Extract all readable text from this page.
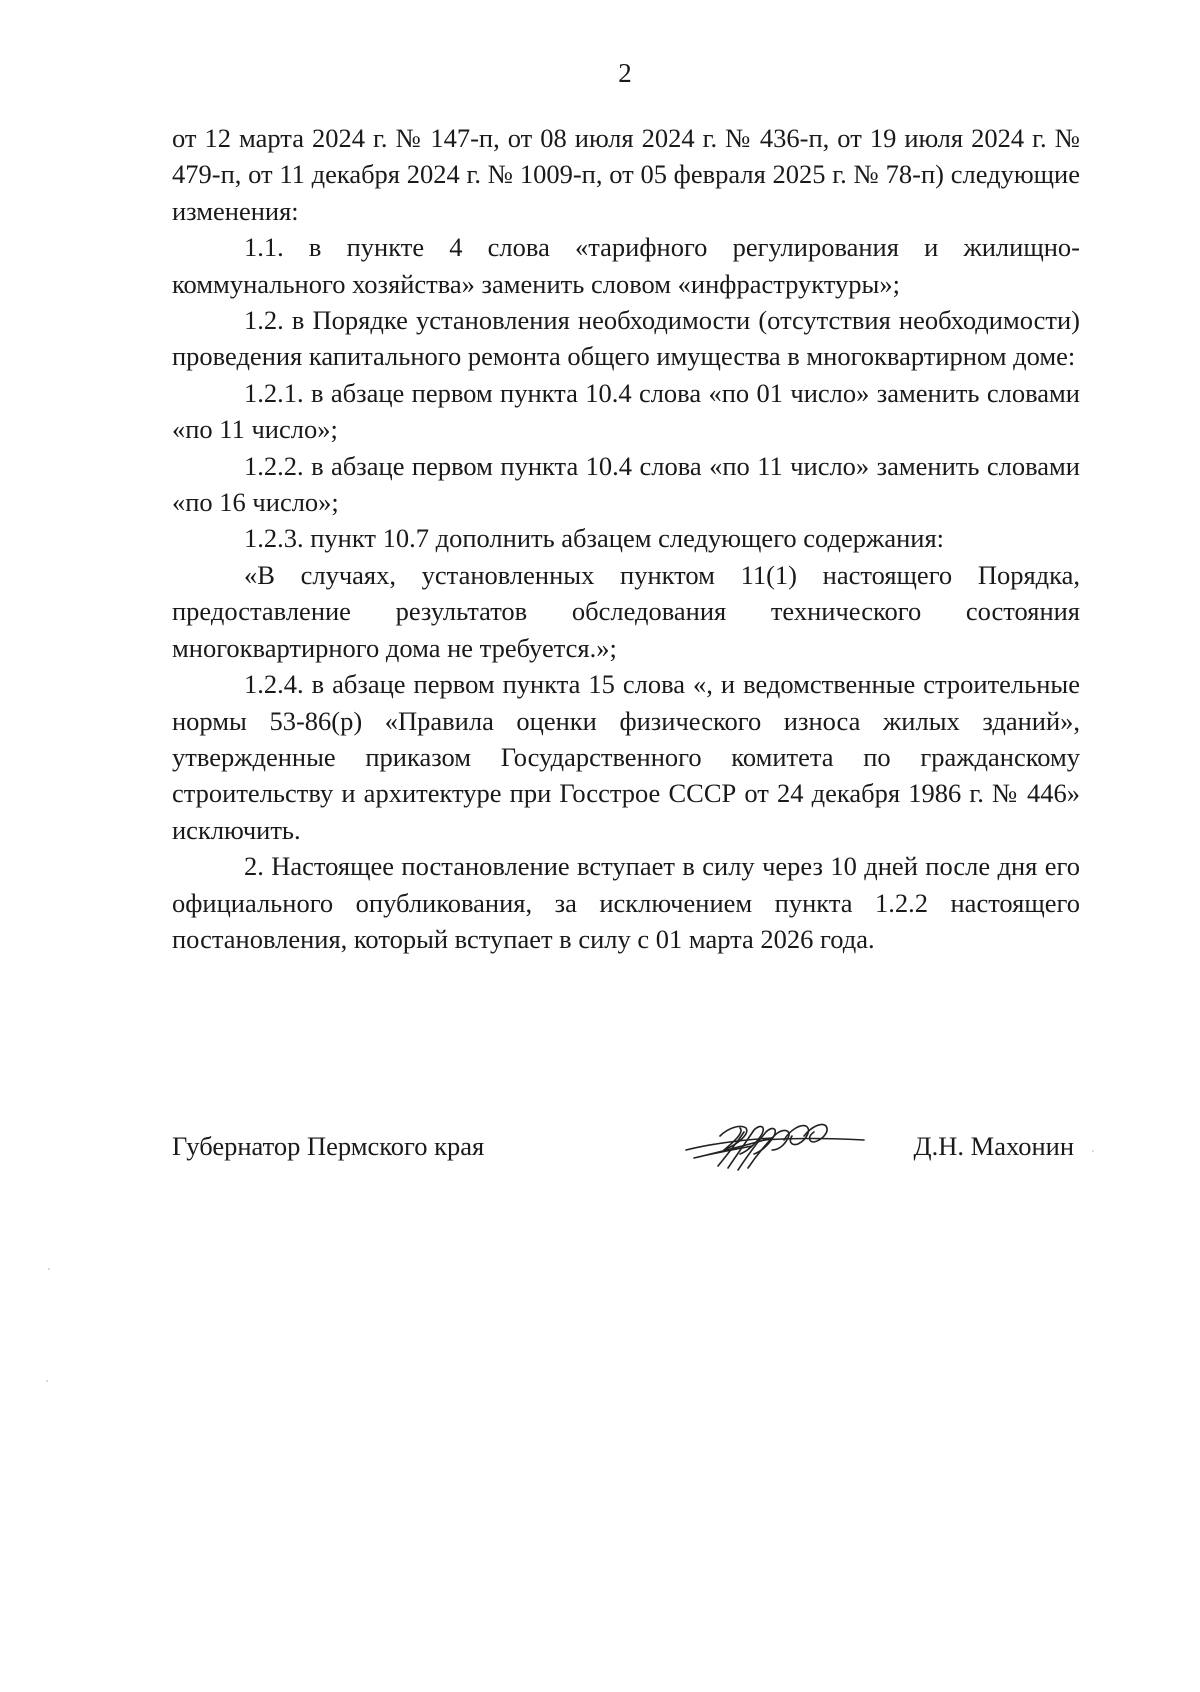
2

от 12 марта 2024 г. № 147-п, от 08 июля 2024 г. № 436-п, от 19 июля 2024 г. № 479-п, от 11 декабря 2024 г. № 1009-п, от 05 февраля 2025 г. № 78-п) следующие изменения:

1.1. в пункте 4 слова «тарифного регулирования и жилищно-коммунального хозяйства» заменить словом «инфраструктуры»;

1.2. в Порядке установления необходимости (отсутствия необходимости) проведения капитального ремонта общего имущества в многоквартирном доме:

1.2.1. в абзаце первом пункта 10.4 слова «по 01 число» заменить словами «по 11 число»;

1.2.2. в абзаце первом пункта 10.4 слова «по 11 число» заменить словами «по 16 число»;

1.2.3. пункт 10.7 дополнить абзацем следующего содержания:

«В случаях, установленных пунктом 11(1) настоящего Порядка, предоставление результатов обследования технического состояния многоквартирного дома не требуется.»;

1.2.4. в абзаце первом пункта 15 слова «, и ведомственные строительные нормы 53-86(р) «Правила оценки физического износа жилых зданий», утвержденные приказом Государственного комитета по гражданскому строительству и архитектуре при Госстрое СССР от 24 декабря 1986 г. № 446» исключить.

2. Настоящее постановление вступает в силу через 10 дней после дня его официального опубликования, за исключением пункта 1.2.2 настоящего постановления, который вступает в силу с 01 марта 2026 года.

Губернатор Пермского края	Д.Н. Махонин
